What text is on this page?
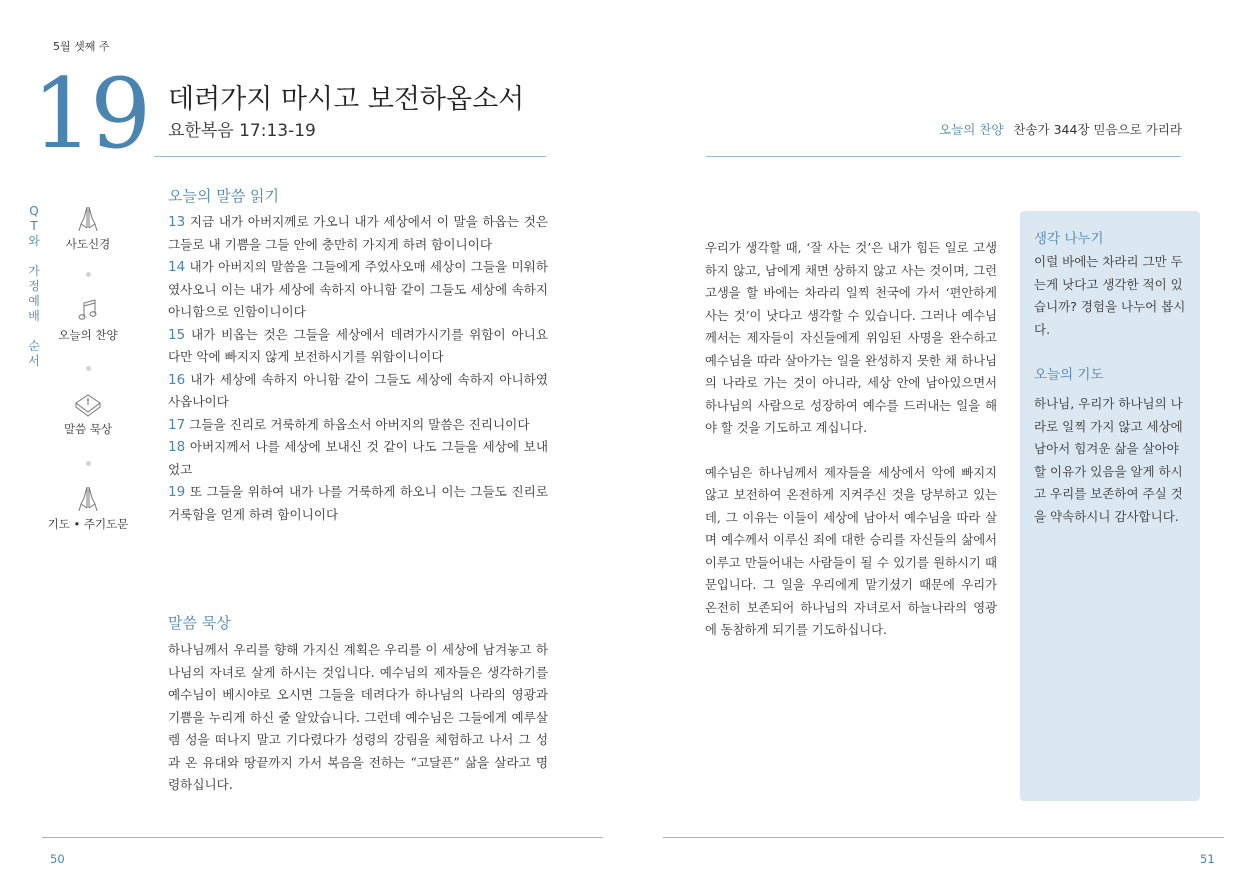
5월 셋째 주
19 데려가지 마시고 보전하옵소서
요한복음 17:13-19	오늘의 찬양 찬송가 344장 믿음으로 가리라
Q
T
와

가
정
예
배

순
서
사도신경
오늘의 찬양
말씀 묵상
기도 • 주기도문
오늘의 말씀 읽기
13 지금 내가 아버지께로 가오니 내가 세상에서 이 말을 하옵는 것은 그들로 내 기쁨을 그들 안에 충만히 가지게 하려 함이니이다
14 내가 아버지의 말씀을 그들에게 주었사오매 세상이 그들을 미워하였사오니 이는 내가 세상에 속하지 아니함 같이 그들도 세상에 속하지 아니함으로 인함이니이다
15 내가 비옵는 것은 그들을 세상에서 데려가시기를 위함이 아니요 다만 악에 빠지지 않게 보전하시기를 위함이니이다
16 내가 세상에 속하지 아니함 같이 그들도 세상에 속하지 아니하였사옵나이다
17 그들을 진리로 거룩하게 하옵소서 아버지의 말씀은 진리니이다
18 아버지께서 나를 세상에 보내신 것 같이 나도 그들을 세상에 보내었고
19 또 그들을 위하여 내가 나를 거룩하게 하오니 이는 그들도 진리로 거룩함을 얻게 하려 함이니이다
말씀 묵상
하나님께서 우리를 향해 가지신 계획은 우리를 이 세상에 남겨놓고 하나님의 자녀로 살게 하시는 것입니다. 예수님의 제자들은 생각하기를 예수님이 베시야로 오시면 그들을 데려다가 하나님의 나라의 영광과 기쁨을 누리게 하신 줄 알았습니다. 그런데 예수님은 그들에게 예루살렘 성을 떠나지 말고 기다렸다가 성령의 강림을 체험하고 나서 그 성과 온 유대와 땅끝까지 가서 복음을 전하는 “고달픈” 삶을 살라고 명령하십니다.

우리가 생각할 때, ‘잘 사는 것’은 내가 힘든 일로 고생하지 않고, 남에게 채면 상하지 않고 사는 것이며, 그런 고생을 할 바에는 차라리 일찍 천국에 가서 ‘편안하게 사는 것’이 낫다고 생각할 수 있습니다. 그러나 예수님께서는 제자들이 자신들에게 위임된 사명을 완수하고 예수님을 따라 살아가는 일을 완성하지 못한 채 하나님의 나라로 가는 것이 아니라, 세상 안에 남아있으면서 하나님의 사람으로 성장하여 예수를 드러내는 일을 해야 할 것을 기도하고 계십니다.

예수님은 하나님께서 제자들을 세상에서 악에 빠지지 않고 보전하여 온전하게 지켜주신 것을 당부하고 있는데, 그 이유는 이들이 세상에 남아서 예수님을 따라 살며 예수께서 이루신 죄에 대한 승리를 자신들의 삶에서 이루고 만들어내는 사람들이 될 수 있기를 원하시기 때문입니다. 그 일을 우리에게 맡기셨기 때문에 우리가 온전히 보존되어 하나님의 자녀로서 하늘나라의 영광에 동참하게 되기를 기도하십니다.

생각 나누기
이럴 바에는 차라리 그만 두는게 낫다고 생각한 적이 있습니까? 경험을 나누어 봅시다.
오늘의 기도
하나님, 우리가 하나님의 나라로 일찍 가지 않고 세상에 남아서 힘겨운 삶을 살아야 할 이유가 있음을 알게 하시고 우리를 보존하여 주실 것을 약속하시니 감사합니다.
50	51
